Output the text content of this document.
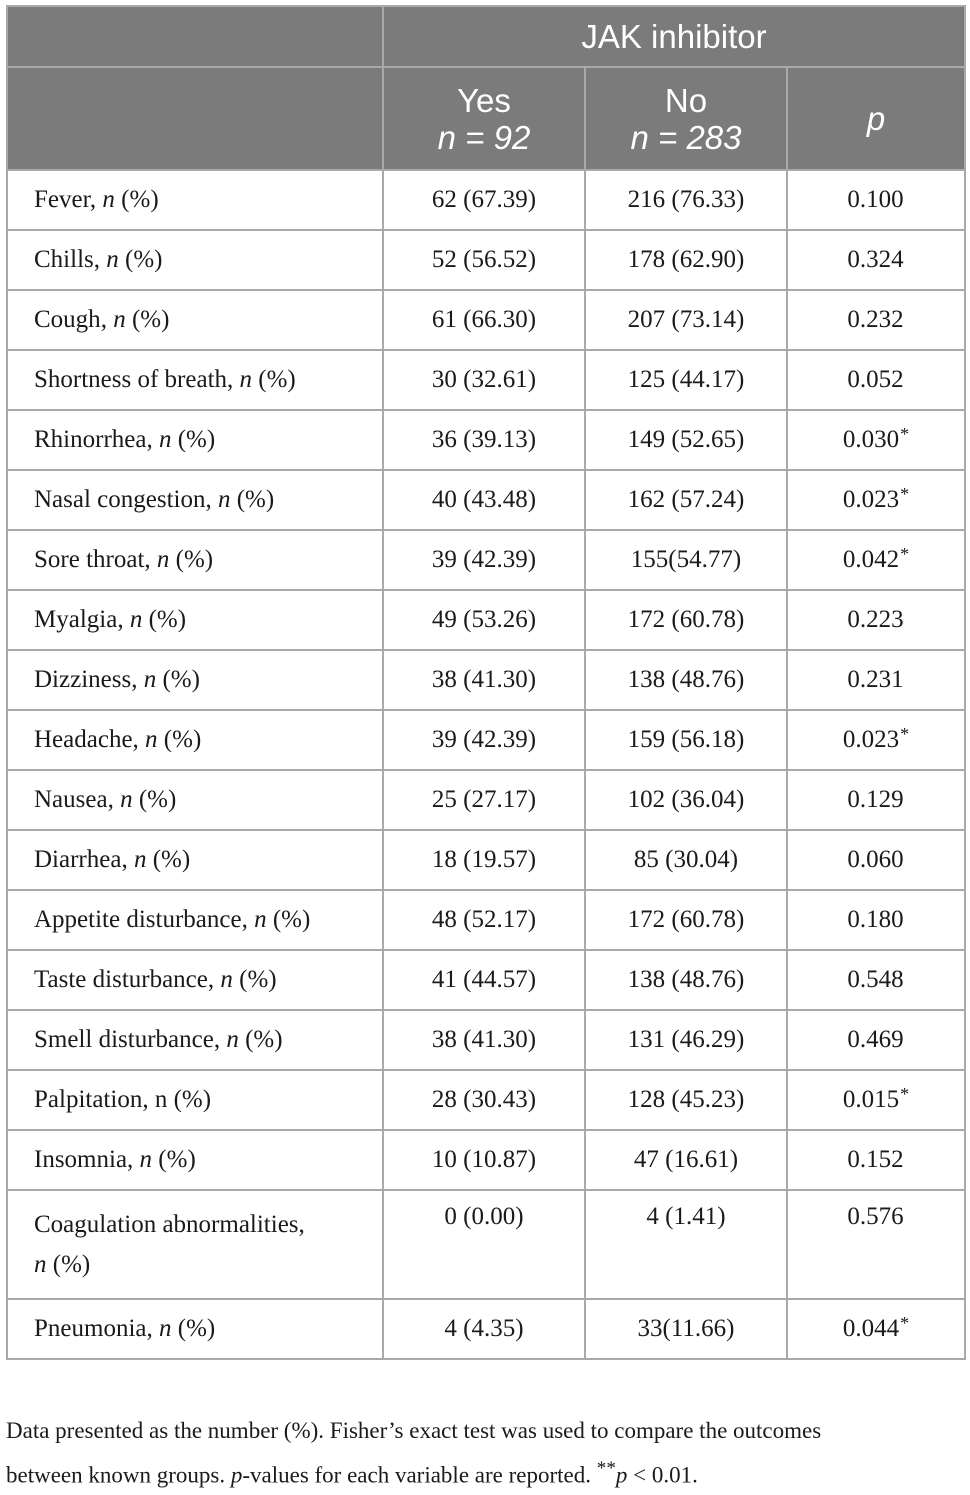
	JAK inhibitor		

	Yes
n = 92	No
n = 283	p
Fever, n (%)	62 (67.39)	216 (76.33)	0.100
Chills, n (%)	52 (56.52)	178 (62.90)	0.324
Cough, n (%)	61 (66.30)	207 (73.14)	0.232
Shortness of breath, n (%)	30 (32.61)	125 (44.17)	0.052
Rhinorrhea, n (%)	36 (39.13)	149 (52.65)	0.030*
Nasal congestion, n (%)	40 (43.48)	162 (57.24)	0.023*
Sore throat, n (%)	39 (42.39)	155(54.77)	0.042*
Myalgia, n (%)	49 (53.26)	172 (60.78)	0.223
Dizziness, n (%)	38 (41.30)	138 (48.76)	0.231
Headache, n (%)	39 (42.39)	159 (56.18)	0.023*
Nausea, n (%)	25 (27.17)	102 (36.04)	0.129
Diarrhea, n (%)	18 (19.57)	85 (30.04)	0.060
Appetite disturbance, n (%)	48 (52.17)	172 (60.78)	0.180
Taste disturbance, n (%)	41 (44.57)	138 (48.76)	0.548
Smell disturbance, n (%)	38 (41.30)	131 (46.29)	0.469
Palpitation, n (%)	28 (30.43)	128 (45.23)	0.015*
Insomnia, n (%)	10 (10.87)	47 (16.61)	0.152
Coagulation abnormalities,
n (%)	0 (0.00)	4 (1.41)	0.576
Pneumonia, n (%)	4 (4.35)	33(11.66)	0.044*
Data presented as the number (%). Fisher’s exact test was used to compare the outcomes
between known groups. p-values for each variable are reported. **p < 0.01.
